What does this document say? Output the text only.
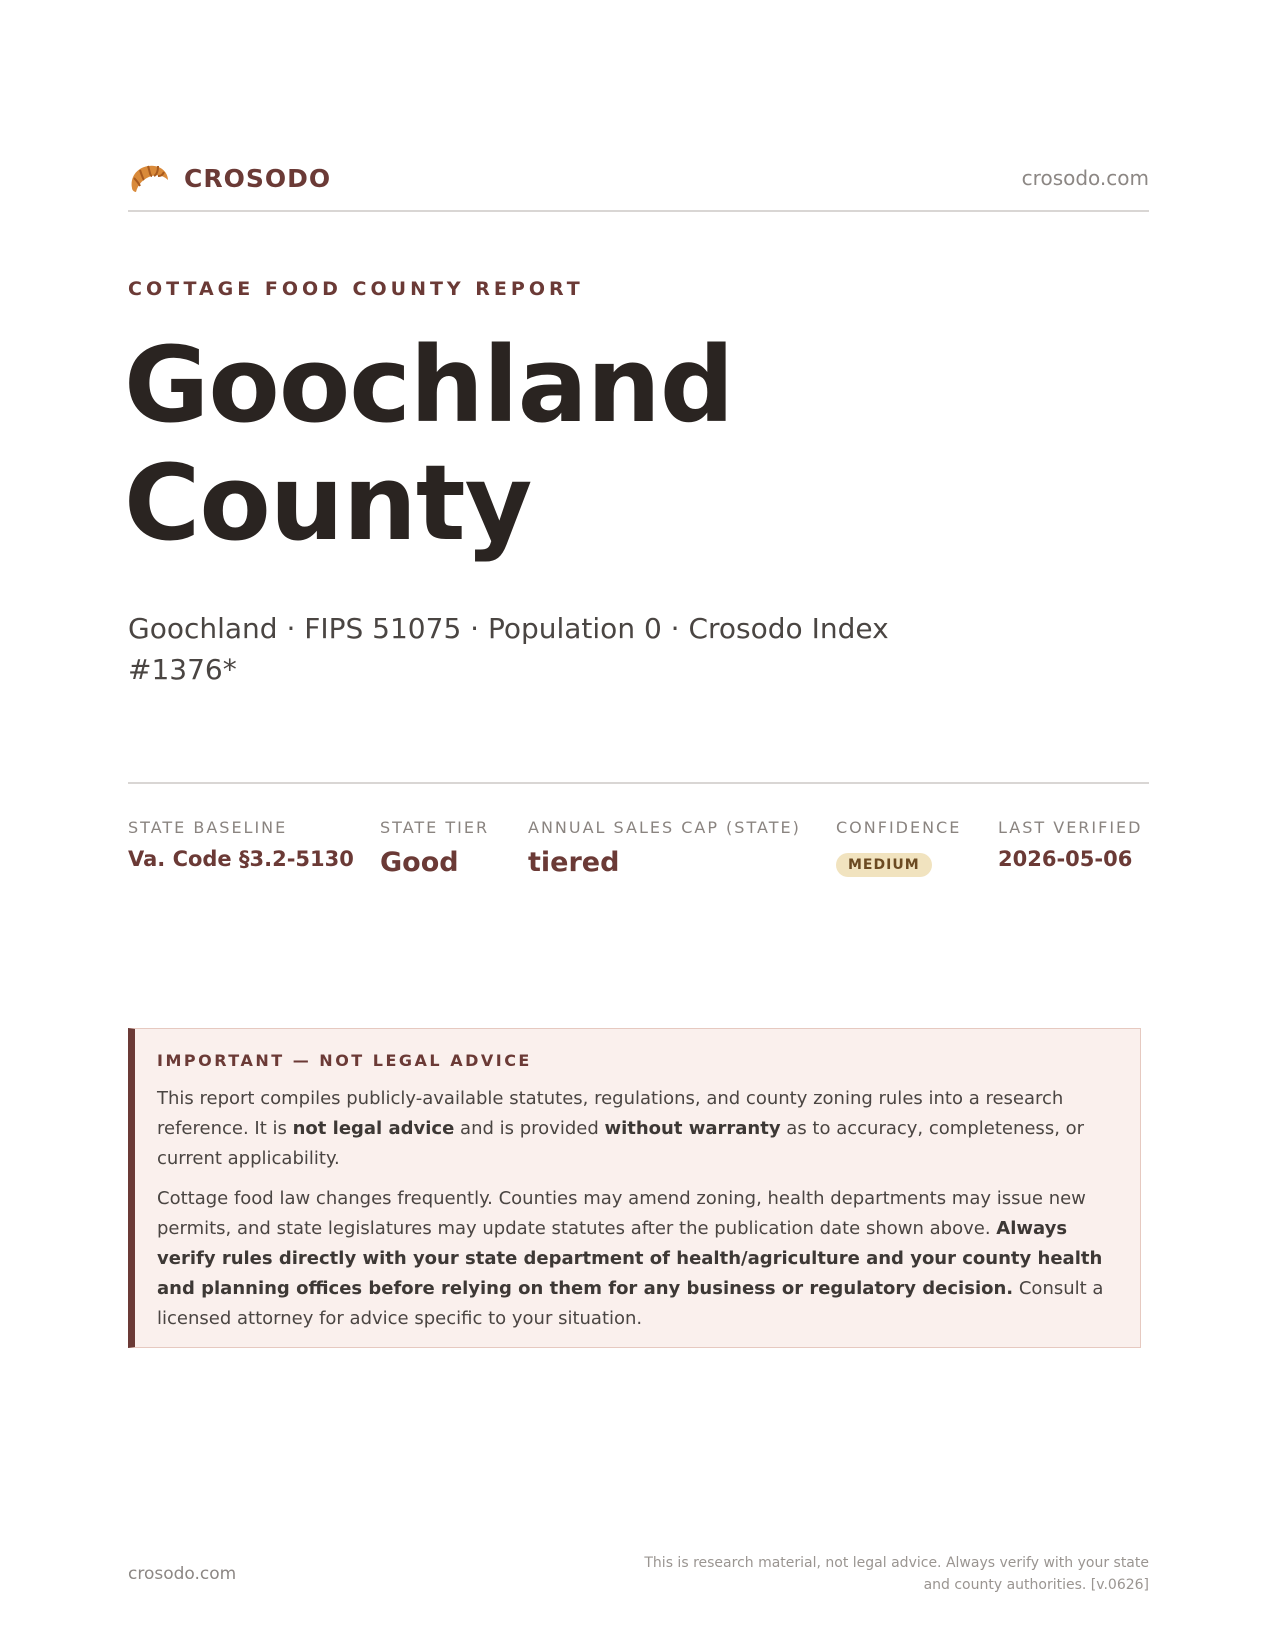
CROSODO	crosodo.com
COTTAGE FOOD COUNTY REPORT
Goochland
County
Goochland · FIPS 51075 · Population 0 · Crosodo Index #1376*
STATE BASELINE
Va. Code §3.2-5130
STATE TIER
Good
ANNUAL SALES CAP (STATE)
tiered
CONFIDENCE
MEDIUM
LAST VERIFIED
2026-05-06
IMPORTANT — NOT LEGAL ADVICE

This report compiles publicly-available statutes, regulations, and county zoning rules into a research reference. It is not legal advice and is provided without warranty as to accuracy, completeness, or current applicability.

Cottage food law changes frequently. Counties may amend zoning, health departments may issue new permits, and state legislatures may update statutes after the publication date shown above. Always verify rules directly with your state department of health/agriculture and your county health and planning offices before relying on them for any business or regulatory decision. Consult a licensed attorney for advice specific to your situation.

crosodo.com
This is research material, not legal advice. Always verify with your state
and county authorities. [v.0626]
